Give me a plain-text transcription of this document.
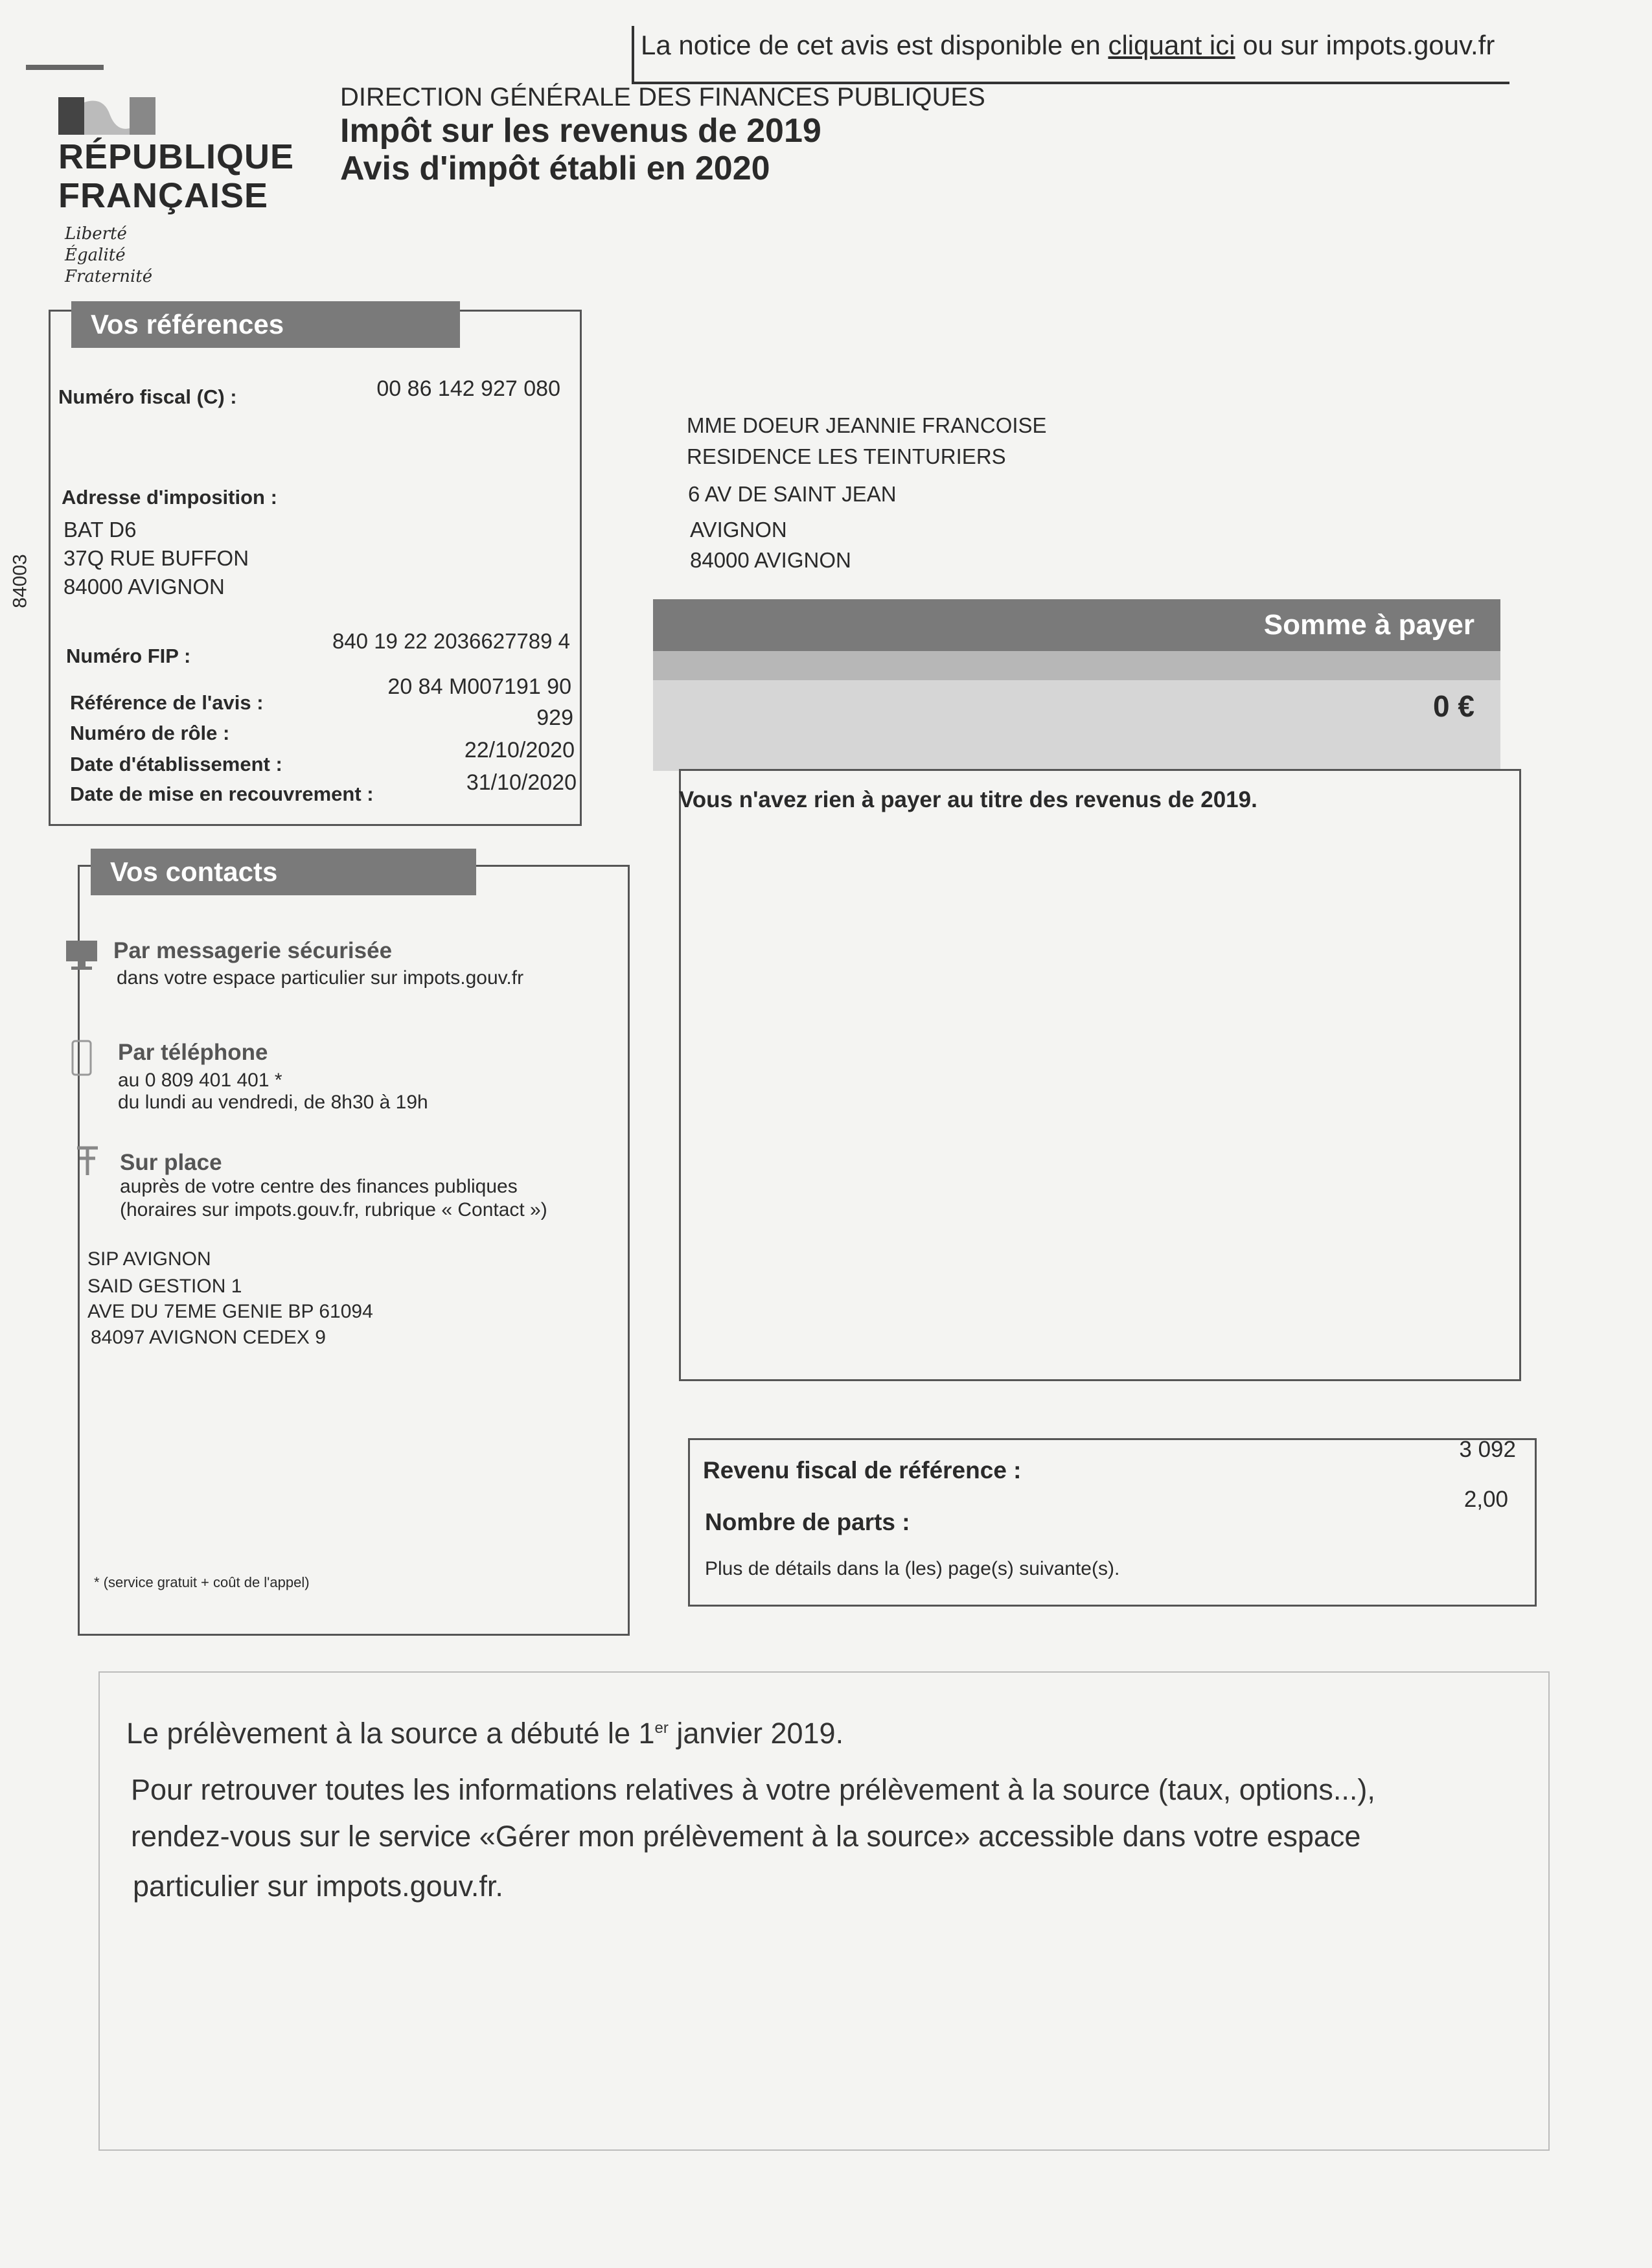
La notice de cet avis est disponible en cliquant ici ou sur impots.gouv.fr
RÉPUBLIQUE
FRANÇAISE
Liberté
Égalité
Fraternité
DIRECTION GÉNÉRALE DES FINANCES PUBLIQUES
Impôt sur les revenus de 2019
Avis d'impôt établi en 2020
84003
Vos références
Numéro fiscal (C) :	00 86 142 927 080
Adresse d'imposition :
BAT D6
37Q RUE BUFFON
84000 AVIGNON
Numéro FIP :
840 19 22 2036627789 4
Référence de l'avis :
20 84 M007191 90
Numéro de rôle :
929
Date d'établissement :
22/10/2020
Date de mise en recouvrement :	31/10/2020
MME DOEUR JEANNIE FRANCOISE
RESIDENCE LES TEINTURIERS
6 AV DE SAINT JEAN
AVIGNON
84000 AVIGNON
Vos contacts
Par messagerie sécurisée
dans votre espace particulier sur impots.gouv.fr
Par téléphone
au 0 809 401 401 *
du lundi au vendredi, de 8h30 à 19h
Sur place
auprès de votre centre des finances publiques
(horaires sur impots.gouv.fr, rubrique « Contact »)
SIP AVIGNON
SAID GESTION 1
AVE DU 7EME GENIE BP 61094
84097 AVIGNON CEDEX 9
* (service gratuit + coût de l'appel)
Somme à payer
0 €
Vous n'avez rien à payer au titre des revenus de 2019.
Revenu fiscal de référence :
3 092
Nombre de parts :
2,00
Plus de détails dans la (les) page(s) suivante(s).
Le prélèvement à la source a débuté le 1er janvier 2019.
Pour retrouver toutes les informations relatives à votre prélèvement à la source (taux, options...),
rendez-vous sur le service «Gérer mon prélèvement à la source» accessible dans votre espace
particulier sur impots.gouv.fr.
